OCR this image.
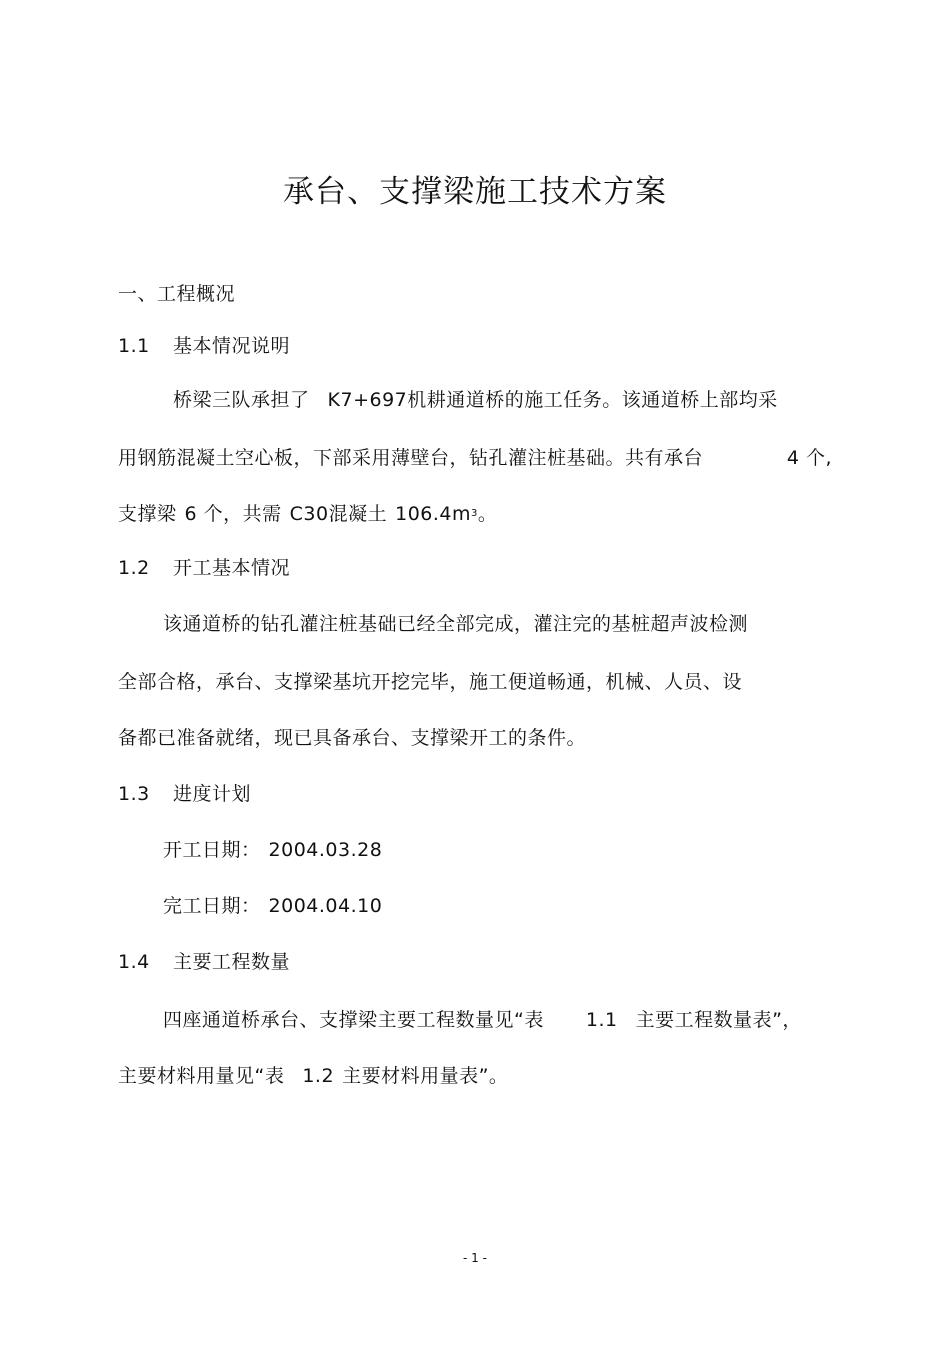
承台、支撑梁施工技术方案
一、工程概况
1.1 基本情况说明
桥梁三队承担了 K7+697机耕通道桥的施工任务。该通道桥上部均采
用钢筋混凝土空心板，下部采用薄壁台，钻孔灌注桩基础。共有承台	4 个,
支撑梁 6 个，共需 C30混凝土 $106.4m^3$。
1.2 开工基本情况
该通道桥的钻孔灌注桩基础已经全部完成，灌注完的基桩超声波检测
全部合格，承台、支撑梁基坑开挖完毕，施工便道畅通，机械、人员、设
备都已准备就绪，现已具备承台、支撑梁开工的条件。
1.3 进度计划
开工日期： 2004.03.28
完工日期： 2004.04.10
1.4 主要工程数量
四座通道桥承台、支撑梁主要工程数量见“表 1.1 主要工程数量表”，
主要材料用量见“表 1.2 主要材料用量表”。
- 1 -
